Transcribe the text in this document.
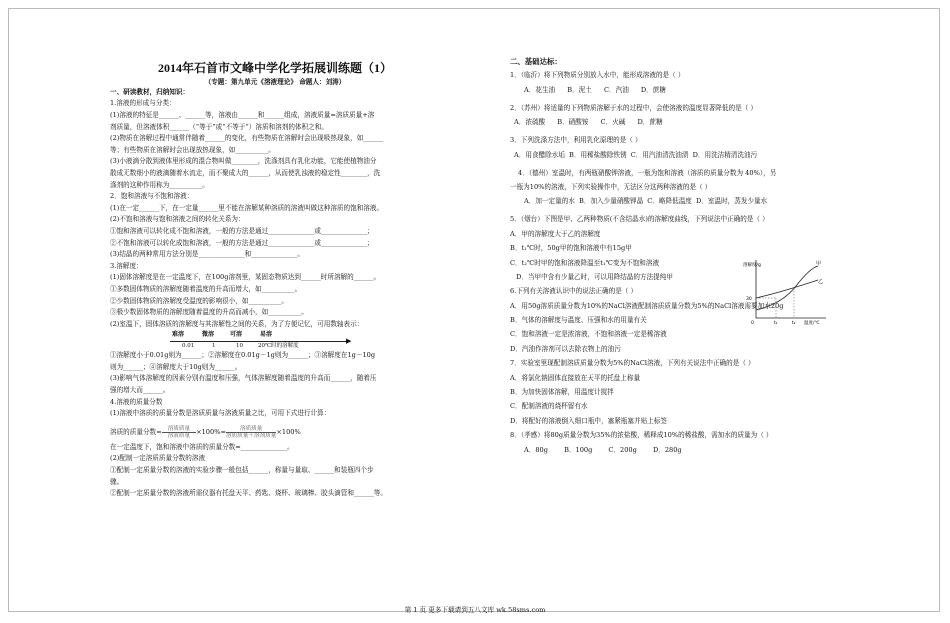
2014年石首市文峰中学化学拓展训练题（1）
（专题：第九单元《溶液理论》 命题人：刘涛）
一、研读教材，归纳知识：
1.溶液的形成与分类：
(1)溶液的特征是______、______等，溶液由______和______组成，溶液质量=溶质质量+溶
剂质量，但溶液体积______（“等于”或“不等于”）溶质和溶剂的体积之和。
(2)物质在溶解过程中通常伴随着______的变化，有些物质在溶解时会出现吸热现象，如______
等；有些物质在溶解时会出现放热现象，如__________。
(3)小液滴分散到液体里形成的混合物叫做________，洗涤剂具有乳化功能，它能使植物油分
散成无数细小的液滴随着水流走，而不聚成大的______，从而使乳浊液的稳定性________，洗
涤剂的这种作用称为__________。
2．饱和溶液与不饱和溶液：
(1)在一定______下，在一定量______里不能在溶解某种溶质的溶液叫做这种溶质的饱和溶液。
(2)不饱和溶液与饱和溶液之间的转化关系为：
①饱和溶液可以转化成不饱和溶液，一般的方法是通过______________或______________；
②不饱和溶液可以转化成饱和溶液，一般的方法是通过______________或______________；
(3)结晶的两种常用方法分别是______________和______________。
3.溶解度：
(1)固体溶解度是在一定温度下，在100g溶剂里，某固态物质达到______时所溶解的______。
①多数固体物质的溶解度随着温度的升高而增大，如__________。
②少数固体物质的溶解度受温度的影响很小，如__________。
③极少数固体物质的溶解度随着温度的升高而减小，如__________。
(2)室温下，固体溶质的溶解度与其溶解性之间的关系，为了方便记忆，可用数轴表示：
难溶	微溶	可溶	易溶
▶
0.01	1	10	20℃时的溶解度
①溶解度小于0.01g则为______；②溶解度在0.01g－1g则为______；③溶解度在1g－10g
则为______；④溶解度大于10g则为______。
(3)影响气体溶解度的因素分别有温度和压强，气体溶解度随着温度的升高而______，随着压
强的增大而______。
4.溶液的质量分数
(1)溶液中溶质的质量分数是溶质质量与溶液质量之比，可用下式进行计算：
溶质的质量分数= $\frac{\text{溶质质量}}{\text{溶液质量}} \times 100\%= \frac{\text{溶质质量}}{\text{溶质质量＋溶剂质量}} \times 100\%$
在一定温度下，饱和溶液中溶质的质量分数=______________。
(2)配制一定溶质质量分数的溶液
①配制一定质量分数的溶液的实验步骤一般包括______，称量与量取、______和装瓶四个步
骤。
②配制一定质量分数的溶液所需仪器有托盘天平、药匙、烧杯、玻璃棒、胶头滴管和______等。
二、基础达标：
1．（临沂）将下列物质分别放入水中，能形成溶液的是（ ）
A．花生油 B．泥土 C．汽油 D．蔗糖
2．（苏州）将适量的下列物质溶解于水的过程中，会使溶液的温度显著降低的是（ ）
A．浓硫酸 B．硝酸铵 C．火碱 D．蔗糖
3．下列洗涤方法中，利用乳化原理的是（ ）
A．用食醋除水垢 B．用稀盐酸除铁锈 C．用汽油清洗油渍 D．用洗洁精清洗油污
4．（德州）室温时，有两瓶硝酸钾溶液，一瓶为饱和溶液（溶质的质量分数为 40%），另
一瓶为10%的溶液，下列实验操作中，无法区分这两种溶液的是（ ）
A．加一定量的水 B．加入少量硝酸钾晶 C．略降低温度 D．室温时，蒸发少量水
5．（烟台）下图是甲、乙两种物质(不含结晶水)的溶解度曲线，下列说法中正确的是（ ）
A．甲的溶解度大于乙的溶解度
B．t₁℃时，50g甲的饱和溶液中有15g甲
C．t₂℃时甲的饱和溶液降温至t₁℃变为不饱和溶液
D．当甲中含有少量乙时，可以用降结晶的方法提纯甲
6.下列有关溶液认识中的说法正确的是（ ）
A．用50g溶质质量分数为10%的NaCl溶液配制溶质质量分数为5%的NaCl溶液需要加水20g
B．气体的溶解度与温度、压强和水的用量有关
C．饱和溶液一定是浓溶液，不饱和溶液一定是稀溶液
D．汽油作溶剂可以去除衣物上的油污
7．实验室里现配制溶质质量分数为5%的NaCl溶液，下列有关说法中正确的是（ ）
A．将氯化钠固体直接放在天平的托盘上称量
B．为加快固体溶解，用温度计搅拌
C．配制溶液的烧杯留有水
D．将配好的溶液倒入细口瓶中，塞紧瓶塞并贴上标签
8．（孝感）将80g质量分数为35%的浓盐酸，稀释成10%的稀盐酸，需加水的质量为（ ）
A．80g B．100g C．200g D．280g
溶解度/g
30
0	t₁	t₂ 温度/℃
甲
乙
第 1 页 更多下载请到五八文库 wk.58sms.com
